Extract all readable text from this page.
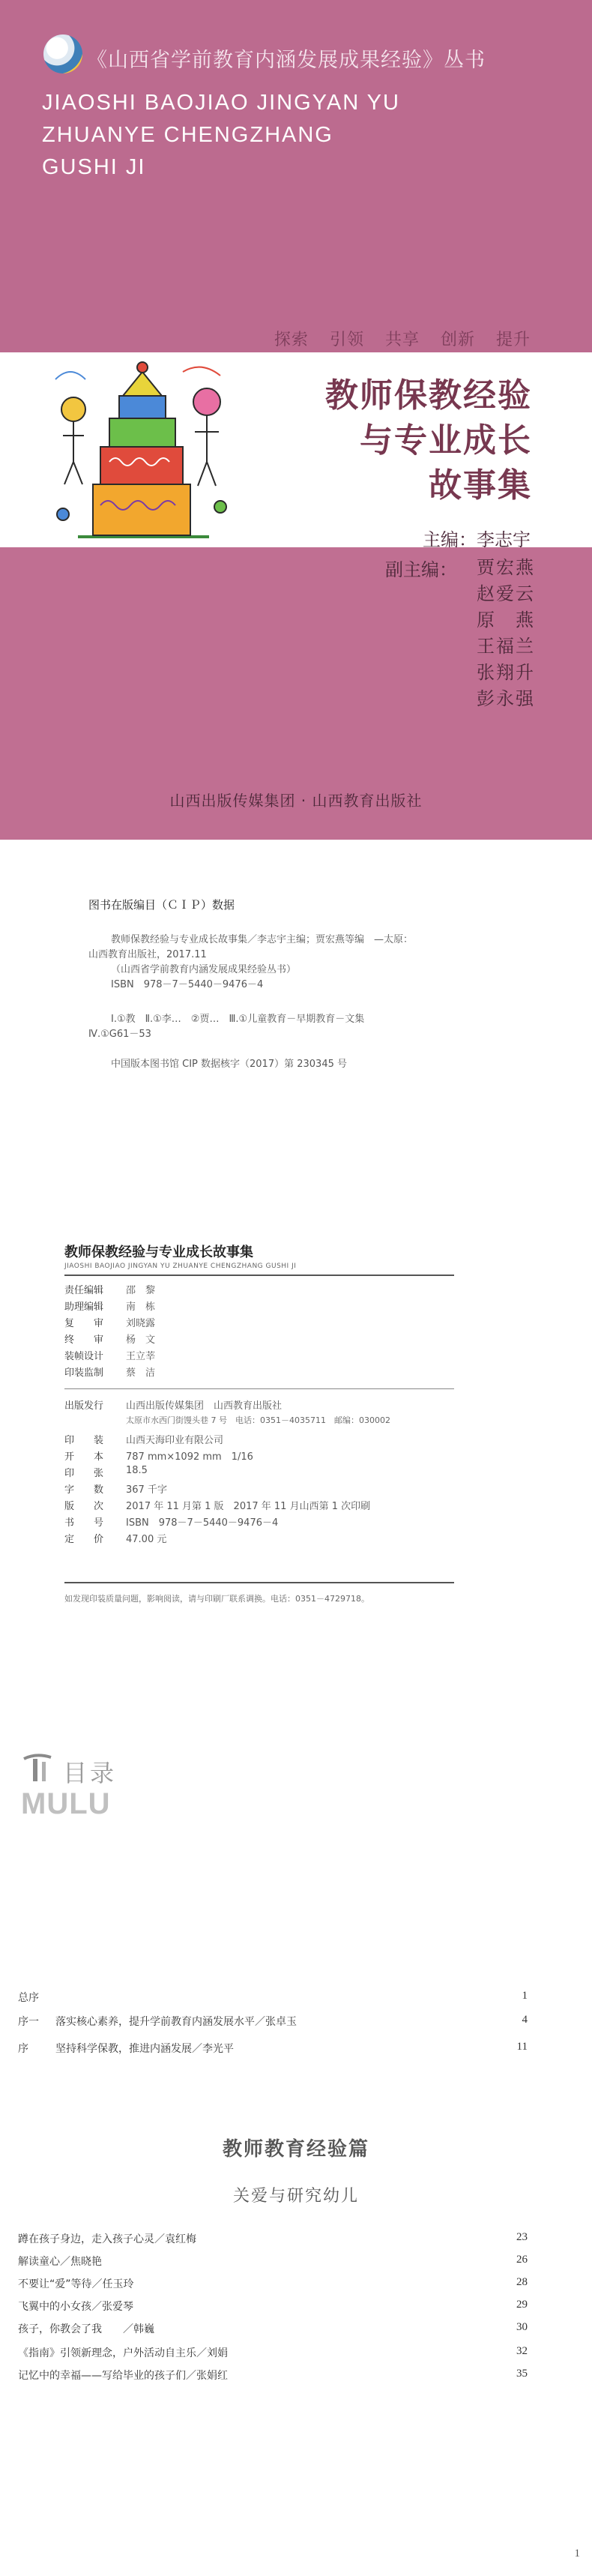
《山西省学前教育内涵发展成果经验》丛书
JIAOSHI BAOJIAO JINGYAN YU
ZHUANYE CHENGZHANG
GUSHI JI
探索 引领 共享 创新 提升
教师保教经验
与专业成长
故事集
主编：李志宇
副主编： 贾宏燕
赵爱云
原　燕
王福兰
张翔升
彭永强
山西出版传媒集团 · 山西教育出版社
图书在版编目（ＣＩＰ）数据
教师保教经验与专业成长故事集／李志宇主编；贾宏燕等编　—太原：
山西教育出版社，2017.11
（山西省学前教育内涵发展成果经验丛书）
ISBN　978－7－5440－9476－4
Ⅰ.①教　Ⅱ.①李…　②贾…　Ⅲ.①儿童教育－早期教育－文集
Ⅳ.①G61－53
中国版本图书馆 CIP 数据核字（2017）第 230345 号
教师保教经验与专业成长故事集
JIAOSHI BAOJIAO JINGYAN YU ZHUANYE CHENGZHANG GUSHI JI
责任编辑	邵　黎
助理编辑	南　栋
复　　审	刘晓露
终　　审	杨　文
装帧设计	王立莘
印装监制	蔡　洁
出版发行	山西出版传媒集团　山西教育出版社
太原市水西门街馒头巷 7 号　电话：0351－4035711　邮编：030002
印　　装	山西天海印业有限公司
开　　本	787 mm×1092 mm　1/16
印　　张	18.5
字　　数	367 千字
版　　次	2017 年 11 月第 1 版　2017 年 11 月山西第 1 次印刷
书　　号	ISBN　978－7－5440－9476－4
定　　价	47.00 元
如发现印装质量问题，影响阅读，请与印刷厂联系调换。电话：0351－4729718。
目录
MULU
总序	1
序一	落实核心素养，提升学前教育内涵发展水平／张卓玉	4
序	坚持科学保教，推进内涵发展／李光平	11
教师教育经验篇
关爱与研究幼儿
蹲在孩子身边，走入孩子心灵／袁红梅	23
解读童心／焦晓艳	26
不要让“爱”等待／任玉玲	28
飞翼中的小女孩／张爱琴	29
孩子，你教会了我　　／韩巍	30
《指南》引领新理念，户外活动自主乐／刘娟	32
记忆中的幸福——写给毕业的孩子们／张娟红	35
1
